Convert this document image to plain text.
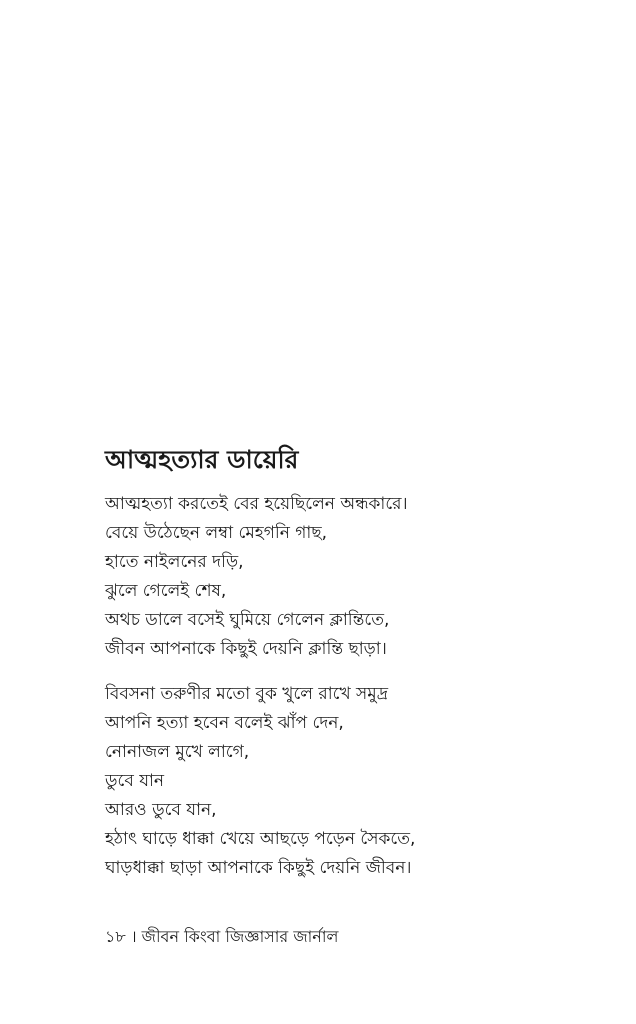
আত্মহত্যার ডায়েরি
আত্মহত্যা করতেই বের হয়েছিলেন অন্ধকারে।
বেয়ে উঠেছেন লম্বা মেহগনি গাছ,
হাতে নাইলনের দড়ি,
ঝুলে গেলেই শেষ,
অথচ ডালে বসেই ঘুমিয়ে গেলেন ক্লান্তিতে,
জীবন আপনাকে কিছুই দেয়নি ক্লান্তি ছাড়া।
বিবসনা তরুণীর মতো বুক খুলে রাখে সমুদ্র
আপনি হত্যা হবেন বলেই ঝাঁপ দেন,
নোনাজল মুখে লাগে,
ডুবে যান
আরও ডুবে যান,
হঠাৎ ঘাড়ে ধাক্কা খেয়ে আছড়ে পড়েন সৈকতে,
ঘাড়ধাক্কা ছাড়া আপনাকে কিছুই দেয়নি জীবন।
১৮ । জীবন কিংবা জিজ্ঞাসার জার্নাল
